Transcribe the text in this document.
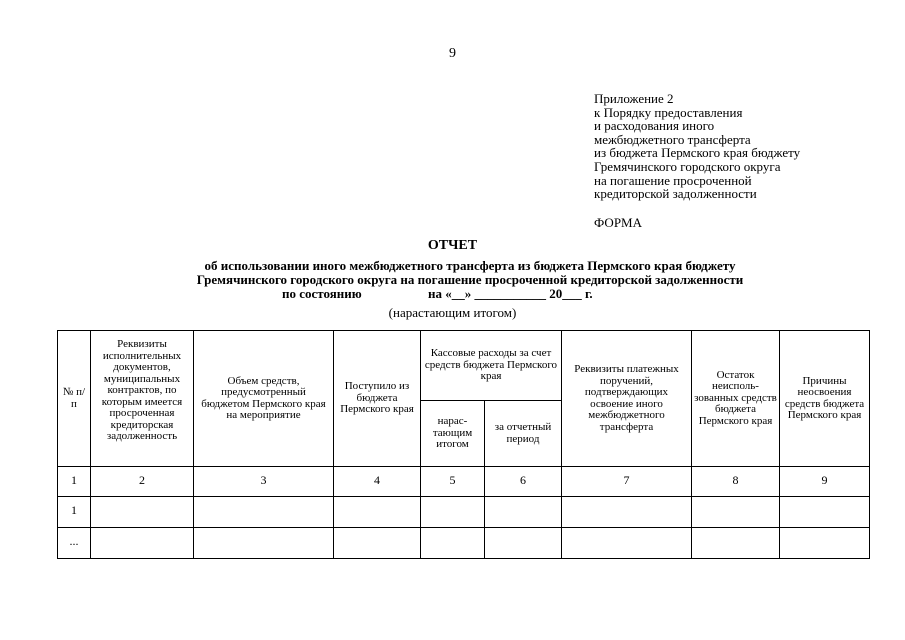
9
Приложение 2
к Порядку предоставления
и расходования иного
межбюджетного трансферта
из бюджета Пермского края бюджету
Гремячинского городского округа
на погашение просроченной
кредиторской задолженности
ФОРМА
ОТЧЕТ
об использовании иного межбюджетного трансферта из бюджета Пермского края бюджету
Гремячинского городского округа на погашение просроченной кредиторской задолженности
по состоянию	на «__» ___________ 20___ г.
(нарастающим итогом)
№ п/п	Реквизиты исполнительных документов, муниципальных контрактов, по которым имеется просроченная кредиторская задолженность	Объем средств, предусмотренный бюджетом Пермского края на мероприятие	Поступило из бюджета Пермского края	Кассовые расходы за счет средств бюджета Пермского края		Реквизиты платежных поручений, подтверждающих освоение иного межбюджетного трансферта	Остаток неисполь-зованных средств бюджета Пермского края	Причины неосвоения средств бюджета Пермского края
				нарас-тающим итогом	за отчетный период			
1	2	3	4	5	6	7	8	9
1								
...								
